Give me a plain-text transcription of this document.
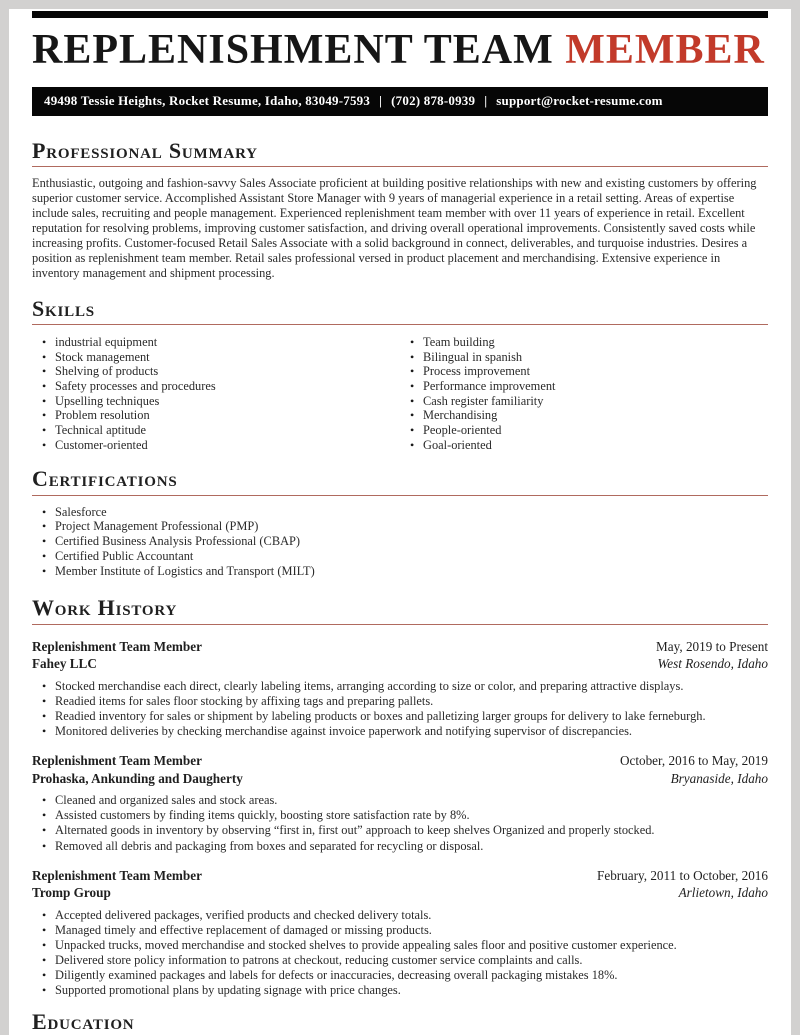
REPLENISHMENT TEAM MEMBER
49498 Tessie Heights, Rocket Resume, Idaho, 83049-7593 | (702) 878-0939 | support@rocket-resume.com
Professional Summary

Enthusiastic, outgoing and fashion-savvy Sales Associate proficient at building positive relationships with new and existing customers by offering superior customer service. Accomplished Assistant Store Manager with 9 years of managerial experience in a retail setting. Areas of expertise include sales, recruiting and people management. Experienced replenishment team member with over 11 years of experience in retail. Excellent reputation for resolving problems, improving customer satisfaction, and driving overall operational improvements. Consistently saved costs while increasing profits. Customer-focused Retail Sales Associate with a solid background in connect, deliverables, and turquoise industries. Desires a position as replenishment team member. Retail sales professional versed in product placement and merchandising. Extensive experience in inventory management and shipment processing.

Skills
• industrial equipment
• Stock management
• Shelving of products
• Safety processes and procedures
• Upselling techniques
• Problem resolution
• Technical aptitude
• Customer-oriented
• Team building
• Bilingual in spanish
• Process improvement
• Performance improvement
• Cash register familiarity
• Merchandising
• People-oriented
• Goal-oriented
Certifications
• Salesforce
• Project Management Professional (PMP)
• Certified Business Analysis Professional (CBAP)
• Certified Public Accountant
• Member Institute of Logistics and Transport (MILT)
Work History
Replenishment Team Member	May, 2019 to Present
Fahey LLC	West Rosendo, Idaho
• Stocked merchandise each direct, clearly labeling items, arranging according to size or color, and preparing attractive displays.
• Readied items for sales floor stocking by affixing tags and preparing pallets.
• Readied inventory for sales or shipment by labeling products or boxes and palletizing larger groups for delivery to lake ferneburgh.
• Monitored deliveries by checking merchandise against invoice paperwork and notifying supervisor of discrepancies.
Replenishment Team Member	October, 2016 to May, 2019
Prohaska, Ankunding and Daugherty	Bryanaside, Idaho
• Cleaned and organized sales and stock areas.
• Assisted customers by finding items quickly, boosting store satisfaction rate by 8%.
• Alternated goods in inventory by observing “first in, first out” approach to keep shelves Organized and properly stocked.
• Removed all debris and packaging from boxes and separated for recycling or disposal.
Replenishment Team Member	February, 2011 to October, 2016
Tromp Group	Arlietown, Idaho
• Accepted delivered packages, verified products and checked delivery totals.
• Managed timely and effective replacement of damaged or missing products.
• Unpacked trucks, moved merchandise and stocked shelves to provide appealing sales floor and positive customer experience.
• Delivered store policy information to patrons at checkout, reducing customer service complaints and calls.
• Diligently examined packages and labels for defects or inaccuracies, decreasing overall packaging mistakes 18%.
• Supported promotional plans by updating signage with price changes.
Education
